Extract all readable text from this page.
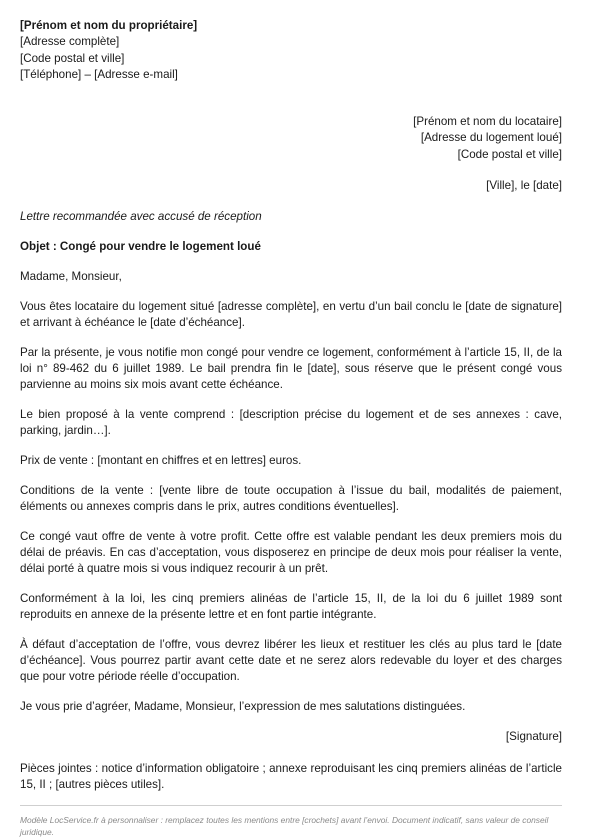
[Prénom et nom du propriétaire]
[Adresse complète]
[Code postal et ville]
[Téléphone] – [Adresse e-mail]
[Prénom et nom du locataire]
[Adresse du logement loué]
[Code postal et ville]
[Ville], le [date]
Lettre recommandée avec accusé de réception
Objet : Congé pour vendre le logement loué
Madame, Monsieur,
Vous êtes locataire du logement situé [adresse complète], en vertu d’un bail conclu le [date de signature] et arrivant à échéance le [date d’échéance].
Par la présente, je vous notifie mon congé pour vendre ce logement, conformément à l’article 15, II, de la loi n° 89-462 du 6 juillet 1989. Le bail prendra fin le [date], sous réserve que le présent congé vous parvienne au moins six mois avant cette échéance.
Le bien proposé à la vente comprend : [description précise du logement et de ses annexes : cave, parking, jardin…].
Prix de vente : [montant en chiffres et en lettres] euros.
Conditions de la vente : [vente libre de toute occupation à l’issue du bail, modalités de paiement, éléments ou annexes compris dans le prix, autres conditions éventuelles].
Ce congé vaut offre de vente à votre profit. Cette offre est valable pendant les deux premiers mois du délai de préavis. En cas d’acceptation, vous disposerez en principe de deux mois pour réaliser la vente, délai porté à quatre mois si vous indiquez recourir à un prêt.
Conformément à la loi, les cinq premiers alinéas de l’article 15, II, de la loi du 6 juillet 1989 sont reproduits en annexe de la présente lettre et en font partie intégrante.
À défaut d’acceptation de l’offre, vous devrez libérer les lieux et restituer les clés au plus tard le [date d’échéance]. Vous pourrez partir avant cette date et ne serez alors redevable du loyer et des charges que pour votre période réelle d’occupation.
Je vous prie d’agréer, Madame, Monsieur, l’expression de mes salutations distinguées.
[Signature]
Pièces jointes : notice d’information obligatoire ; annexe reproduisant les cinq premiers alinéas de l’article 15, II ; [autres pièces utiles].
Modèle LocService.fr à personnaliser : remplacez toutes les mentions entre [crochets] avant l’envoi. Document indicatif, sans valeur de conseil juridique.
